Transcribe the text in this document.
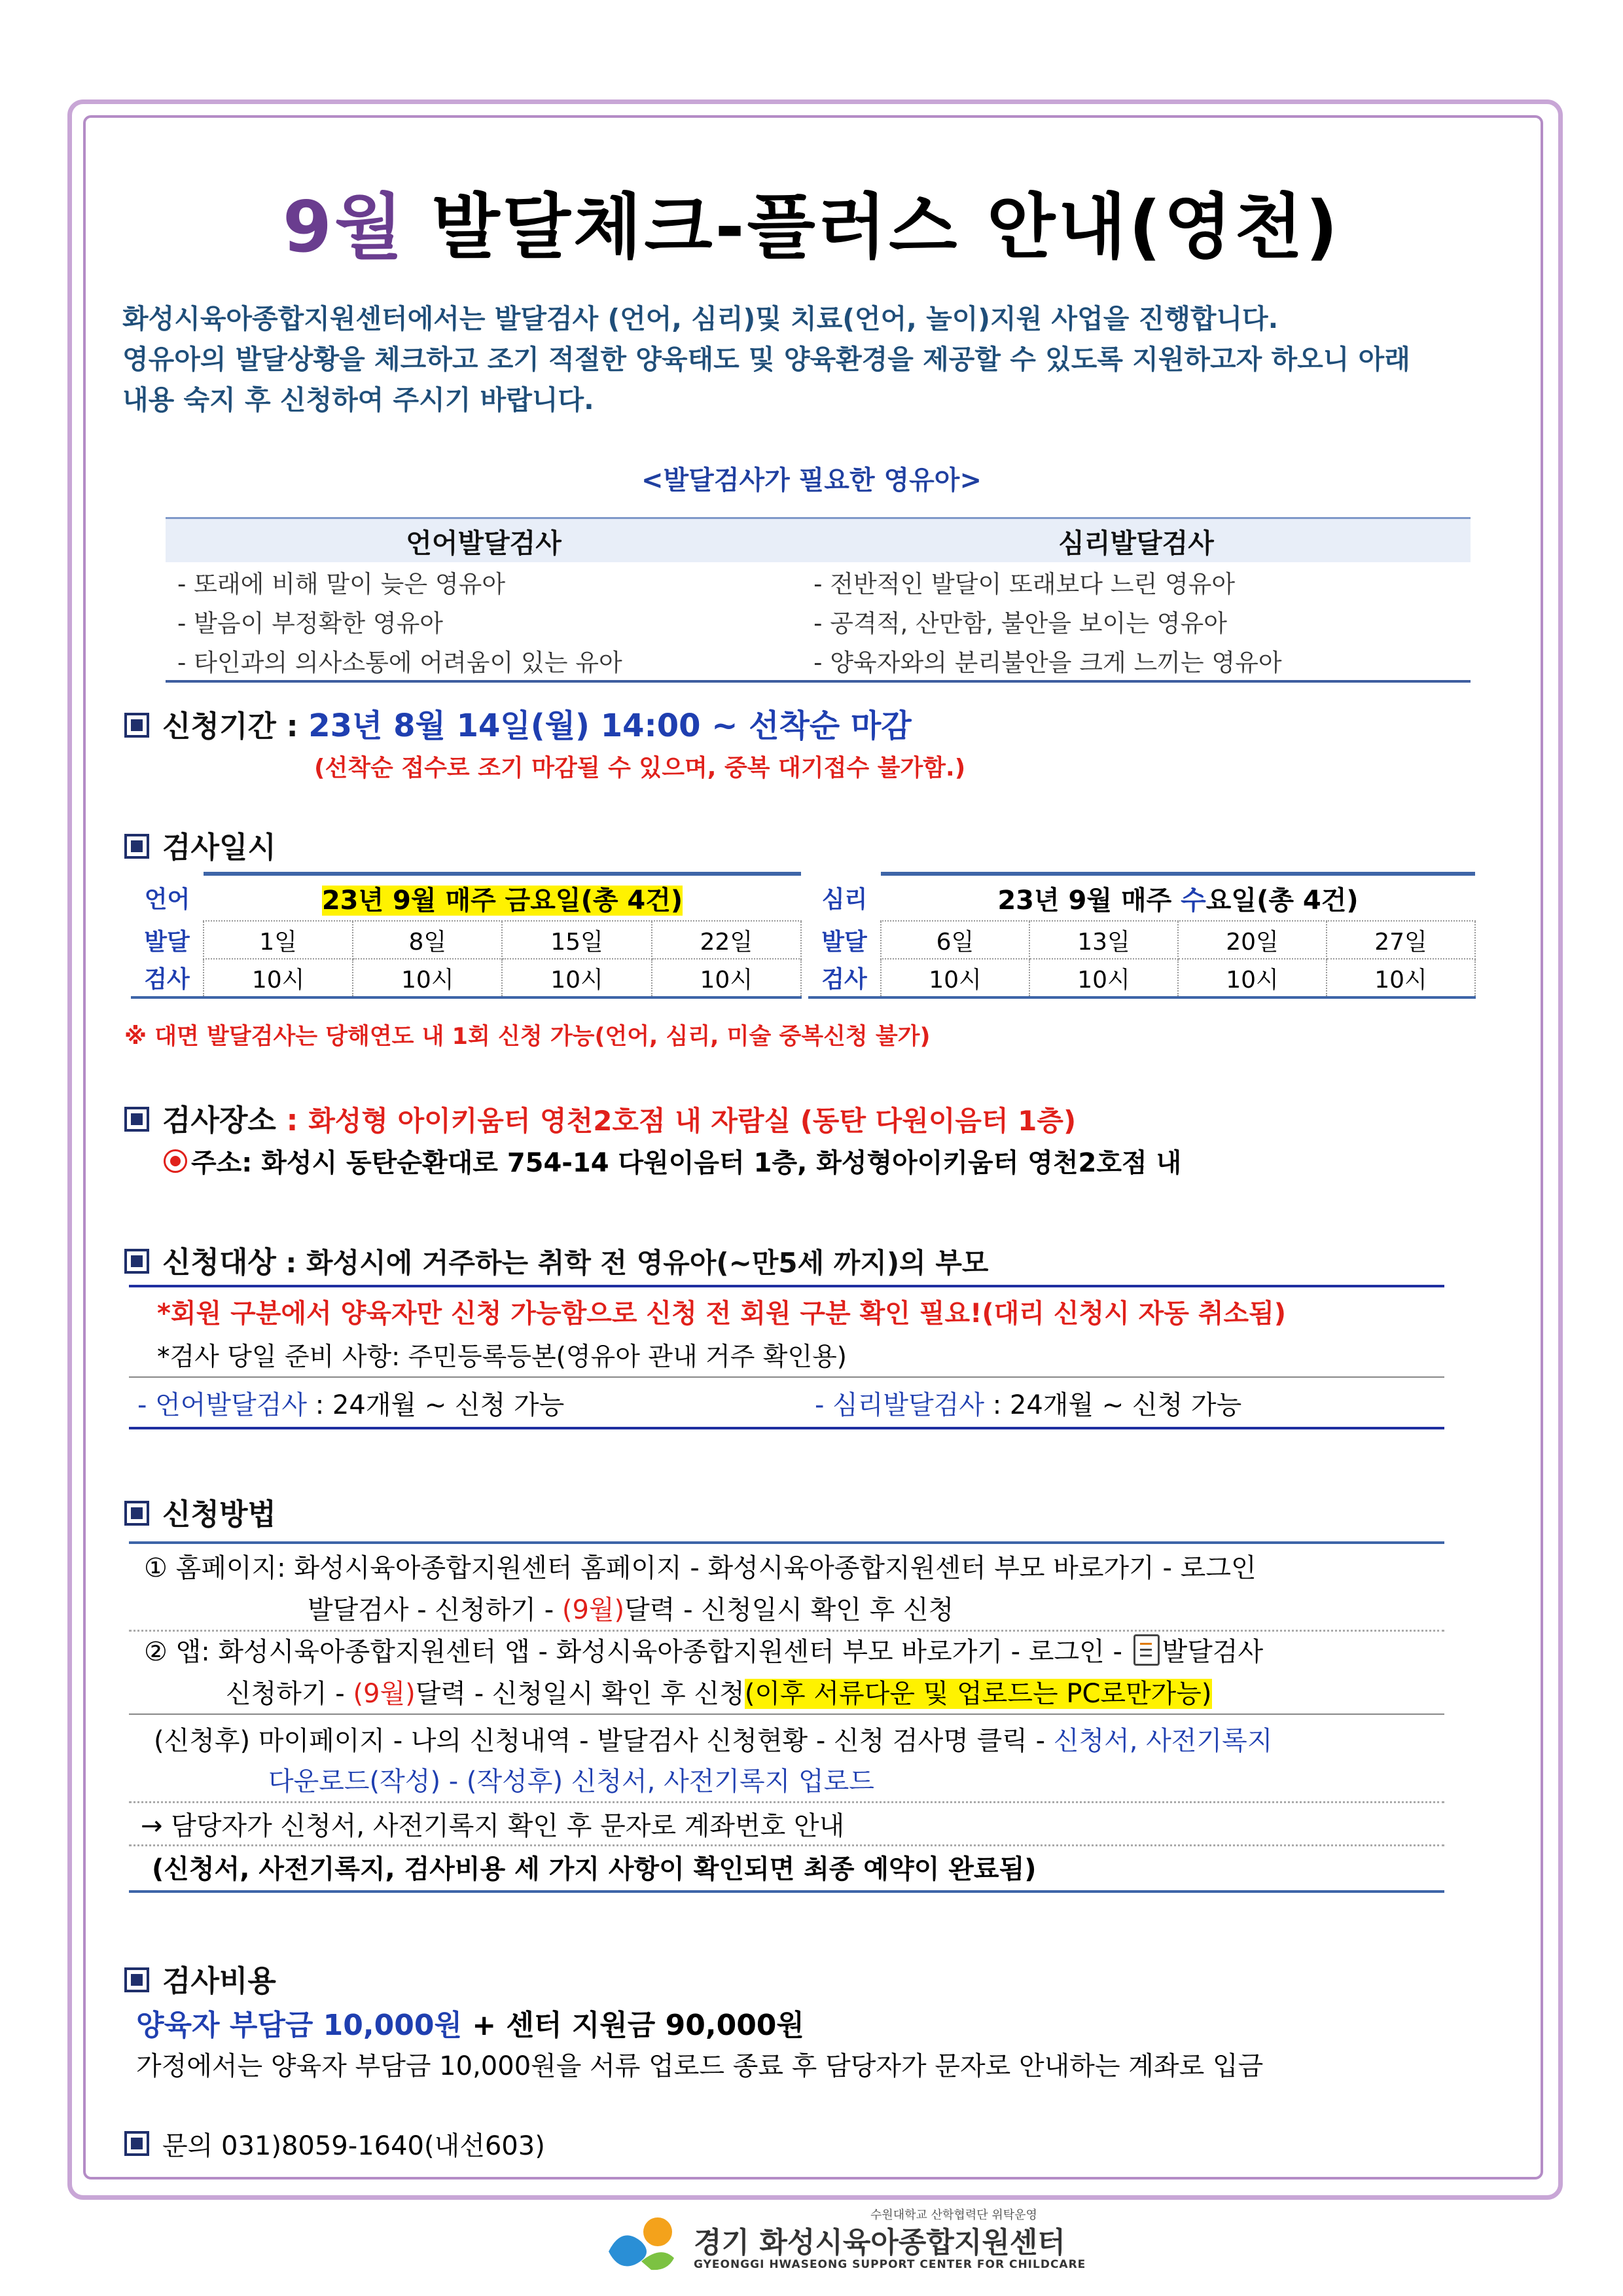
9월 발달체크-플러스 안내(영천)
화성시육아종합지원센터에서는 발달검사 (언어, 심리)및 치료(언어, 놀이)지원 사업을 진행합니다.
영유아의 발달상황을 체크하고 조기 적절한 양육태도 및 양육환경을 제공할 수 있도록 지원하고자 하오니 아래
내용 숙지 후 신청하여 주시기 바랍니다.
<발달검사가 필요한 영유아>
언어발달검사	심리발달검사
- 또래에 비해 말이 늦은 영유아	- 전반적인 발달이 또래보다 느린 영유아
- 발음이 부정확한 영유아	- 공격적, 산만함, 불안을 보이는 영유아
- 타인과의 의사소통에 어려움이 있는 유아	- 양육자와의 분리불안을 크게 느끼는 영유아
신청기간 : 23년 8월 14일(월) 14:00 ~ 선착순 마감
(선착순 접수로 조기 마감될 수 있으며, 중복 대기접수 불가함.)
검사일시
언어	23년 9월 매주 금요일(총 4건)			
발달	1일	8일	15일	22일
검사	10시	10시	10시	10시
심리	23년 9월 매주 수요일(총 4건)			
발달	6일	13일	20일	27일
검사	10시	10시	10시	10시
※ 대면 발달검사는 당해연도 내 1회 신청 가능(언어, 심리, 미술 중복신청 불가)
검사장소 : 화성형 아이키움터 영천2호점 내 자람실 (동탄 다원이음터 1층)
주소: 화성시 동탄순환대로 754-14 다원이음터 1층, 화성형아이키움터 영천2호점 내
신청대상 : 화성시에 거주하는 취학 전 영유아(~만5세 까지)의 부모
*회원 구분에서 양육자만 신청 가능함으로 신청 전 회원 구분 확인 필요!(대리 신청시 자동 취소됨)
*검사 당일 준비 사항: 주민등록등본(영유아 관내 거주 확인용)
- 언어발달검사 : 24개월 ~ 신청 가능	- 심리발달검사 : 24개월 ~ 신청 가능
신청방법
① 홈페이지: 화성시육아종합지원센터 홈페이지 - 화성시육아종합지원센터 부모 바로가기 - 로그인
발달검사 - 신청하기 - (9월)달력 - 신청일시 확인 후 신청
② 앱: 화성시육아종합지원센터 앱 - 화성시육아종합지원센터 부모 바로가기 - 로그인 -
발달검사
신청하기 - (9월)달력 - 신청일시 확인 후 신청(이후 서류다운 및 업로드는 PC로만가능)
(신청후) 마이페이지 - 나의 신청내역 - 발달검사 신청현황 - 신청 검사명 클릭 - 신청서, 사전기록지
다운로드(작성) - (작성후) 신청서, 사전기록지 업로드
→ 담당자가 신청서, 사전기록지 확인 후 문자로 계좌번호 안내
(신청서, 사전기록지, 검사비용 세 가지 사항이 확인되면 최종 예약이 완료됨)
검사비용
양육자 부담금 10,000원 + 센터 지원금 90,000원
가정에서는 양육자 부담금 10,000원을 서류 업로드 종료 후 담당자가 문자로 안내하는 계좌로 입금
문의 031)8059-1640(내선603)
수원대학교 산학협력단 위탁운영
경기 화성시육아종합지원센터
GYEONGGI HWASEONG SUPPORT CENTER FOR CHILDCARE
